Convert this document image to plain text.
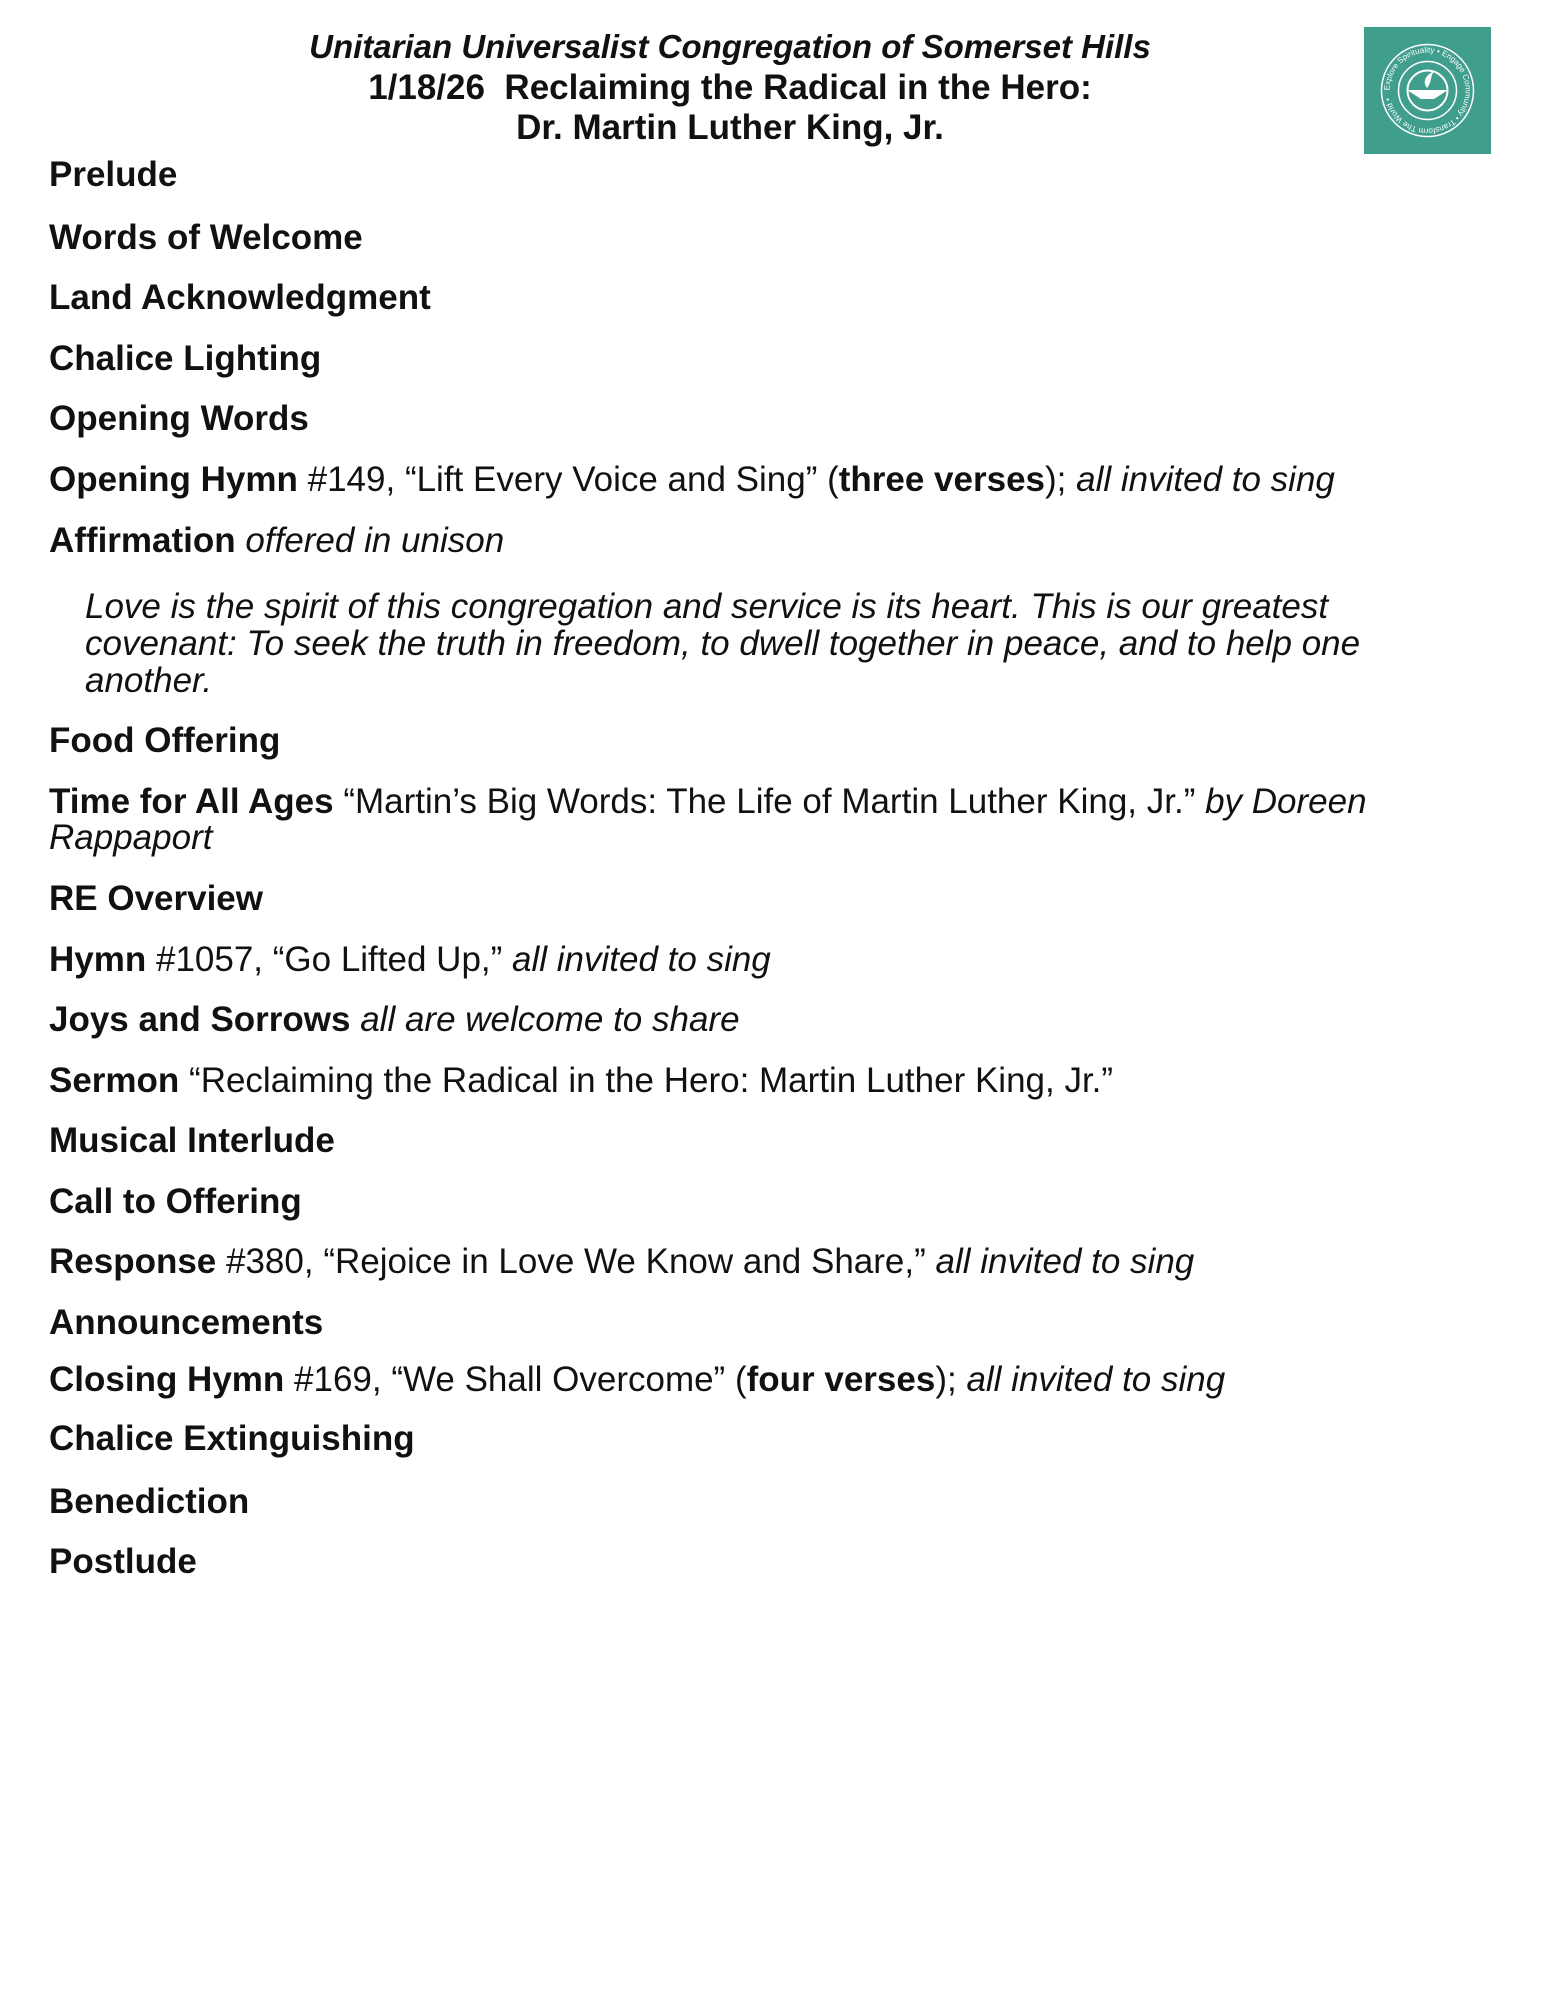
Unitarian Universalist Congregation of Somerset Hills
1/18/26  Reclaiming the Radical in the Hero:
Dr. Martin Luther King, Jr.
Explore Spirituality • Engage Community • Transform The World •
Prelude
Words of Welcome
Land Acknowledgment
Chalice Lighting
Opening Words
Opening Hymn #149, “Lift Every Voice and Sing” (three verses); all invited to sing
Affirmation offered in unison
Love is the spirit of this congregation and service is its heart. This is our greatest covenant: To seek the truth in freedom, to dwell together in peace, and to help one another.
Food Offering
Time for All Ages “Martin’s Big Words: The Life of Martin Luther King, Jr.” by Doreen Rappaport
RE Overview
Hymn #1057, “Go Lifted Up,” all invited to sing
Joys and Sorrows all are welcome to share
Sermon “Reclaiming the Radical in the Hero: Martin Luther King, Jr.”
Musical Interlude
Call to Offering
Response #380, “Rejoice in Love We Know and Share,” all invited to sing
Announcements
Closing Hymn #169, “We Shall Overcome” (four verses); all invited to sing
Chalice Extinguishing
Benediction
Postlude
